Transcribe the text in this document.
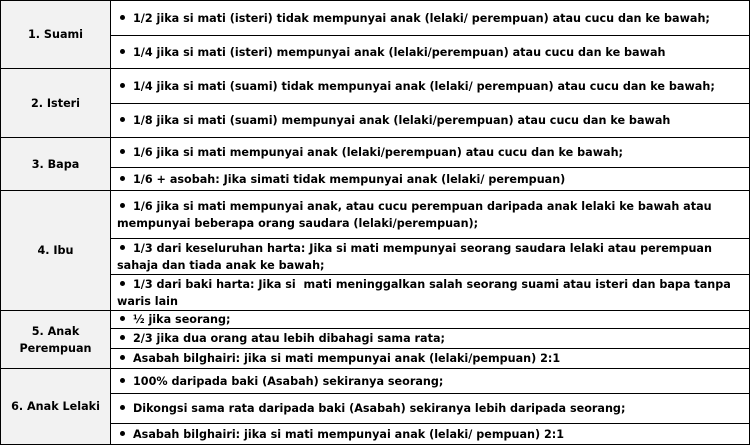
1. Suami

1/2 jika si mati (isteri) tidak mempunyai anak (lelaki/ perempuan) atau cucu dan ke bawah;

1/4 jika si mati (isteri) mempunyai anak (lelaki/perempuan) atau cucu dan ke bawah

2. Isteri

1/4 jika si mati (suami) tidak mempunyai anak (lelaki/ perempuan) atau cucu dan ke bawah;

1/8 jika si mati (suami) mempunyai anak (lelaki/perempuan) atau cucu dan ke bawah

3. Bapa

1/6 jika si mati mempunyai anak (lelaki/perempuan) atau cucu dan ke bawah;

1/6 + asobah: Jika simati tidak mempunyai anak (lelaki/ perempuan)

4. Ibu

1/6 jika si mati mempunyai anak, atau cucu perempuan daripada anak lelaki ke bawah atau mempunyai beberapa orang saudara (lelaki/perempuan);

1/3 dari keseluruhan harta: Jika si mati mempunyai seorang saudara lelaki atau perempuan sahaja dan tiada anak ke bawah;

1/3 dari baki harta: Jika si  mati meninggalkan salah seorang suami atau isteri dan bapa tanpa waris lain

5. Anak Perempuan

½ jika seorang;

2/3 jika dua orang atau lebih dibahagi sama rata;

Asabah bilghairi: jika si mati mempunyai anak (lelaki/pempuan) 2:1

6. Anak Lelaki

100% daripada baki (Asabah) sekiranya seorang;

Dikongsi sama rata daripada baki (Asabah) sekiranya lebih daripada seorang;

Asabah bilghairi: jika si mati mempunyai anak (lelaki/ pempuan) 2:1
